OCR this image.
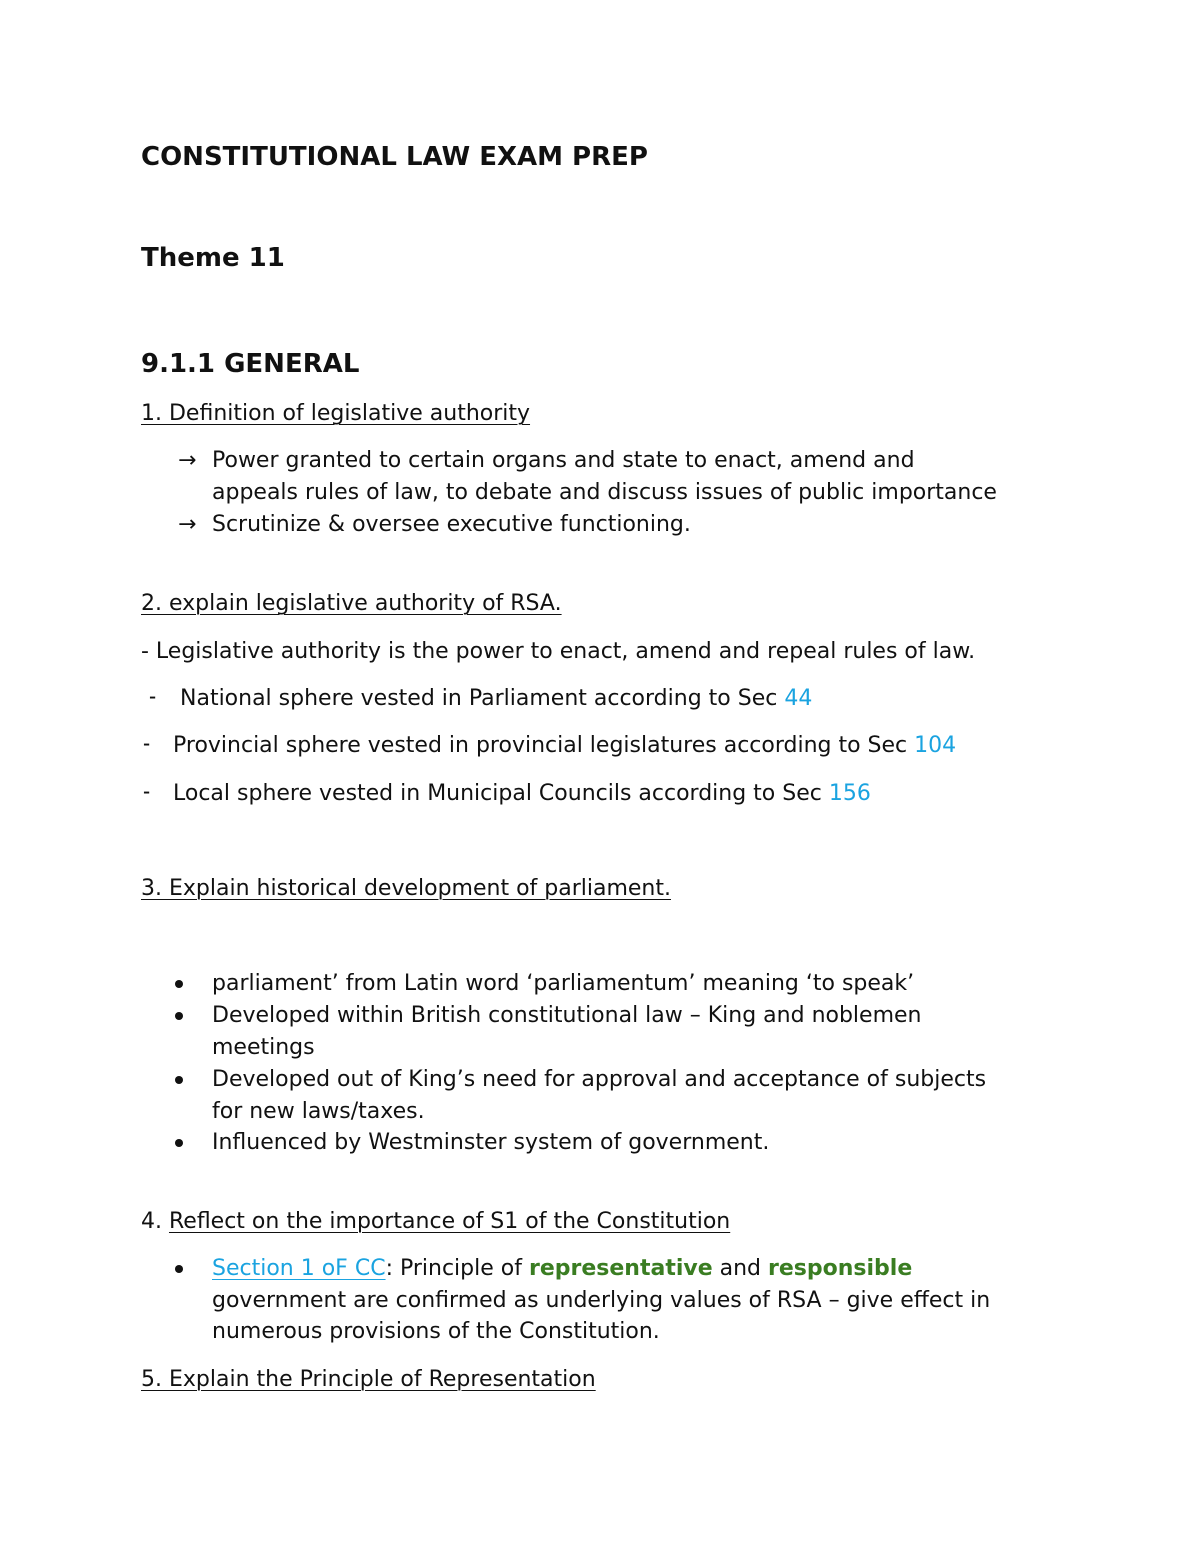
CONSTITUTIONAL LAW EXAM PREP
Theme 11
9.1.1 GENERAL
1. Definition of legislative authority
→ Power granted to certain organs and state to enact, amend and
appeals rules of law, to debate and discuss issues of public importance
→ Scrutinize & oversee executive functioning.
2. explain legislative authority of RSA.
- Legislative authority is the power to enact, amend and repeal rules of law.
⁃ National sphere vested in Parliament according to Sec 44
⁃ Provincial sphere vested in provincial legislatures according to Sec 104
⁃ Local sphere vested in Municipal Councils according to Sec 156
3. Explain historical development of parliament.
parliament’ from Latin word ‘parliamentum’ meaning ‘to speak’
Developed within British constitutional law – King and noblemen
meetings
Developed out of King’s need for approval and acceptance of subjects
for new laws/taxes.
Influenced by Westminster system of government.
4. Reflect on the importance of S1 of the Constitution
Section 1 oF CC: Principle of representative and responsible
government are confirmed as underlying values of RSA – give effect in
numerous provisions of the Constitution.
5. Explain the Principle of Representation
